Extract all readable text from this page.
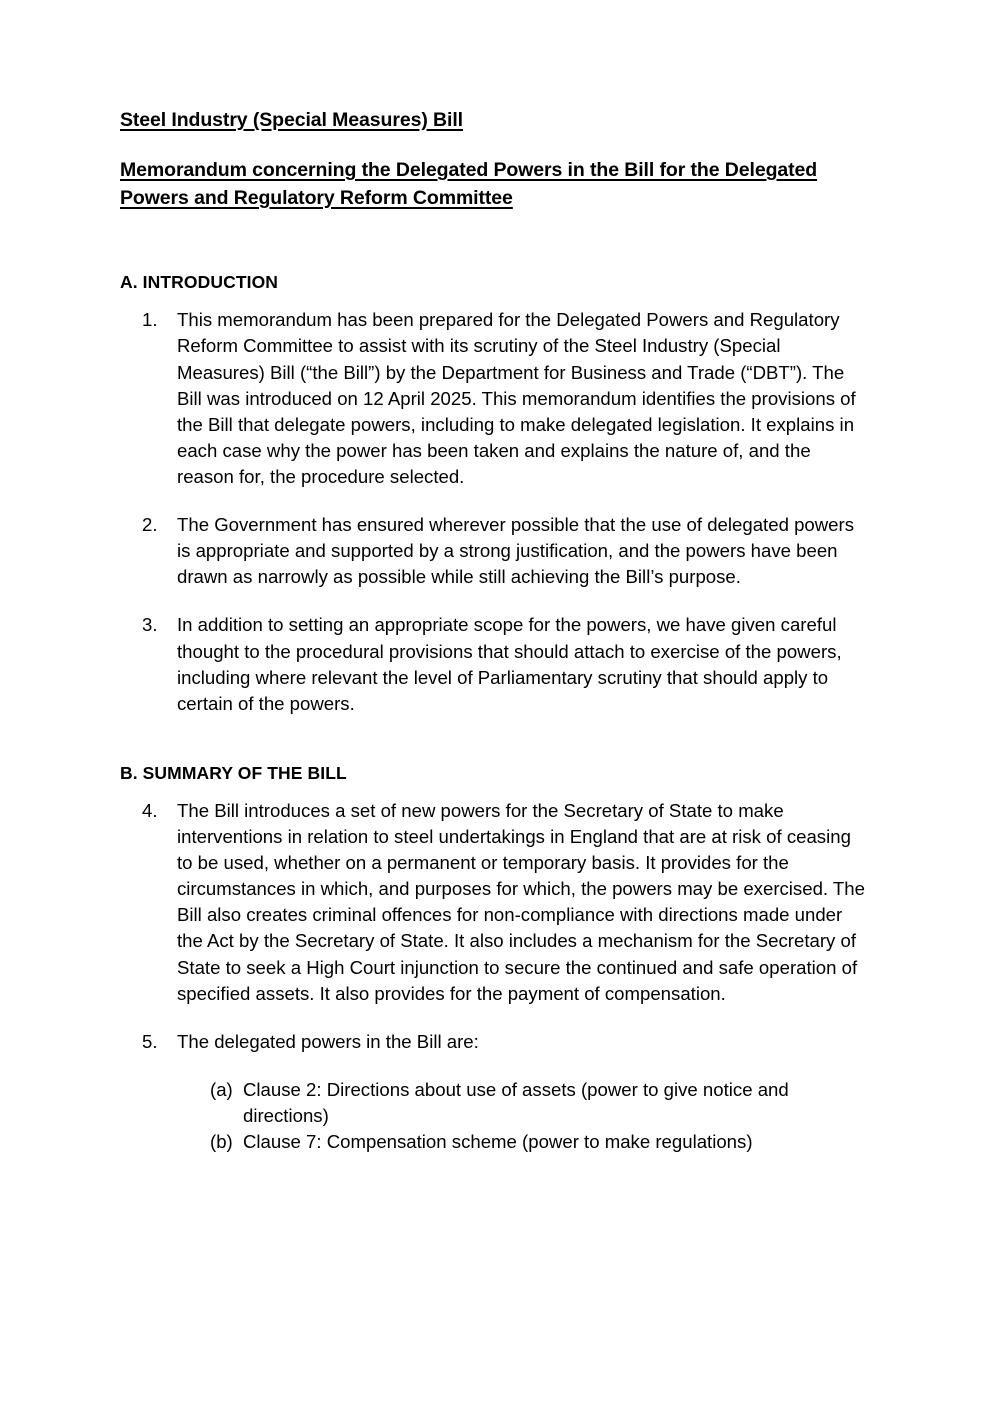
Steel Industry (Special Measures) Bill
Memorandum concerning the Delegated Powers in the Bill for the Delegated Powers and Regulatory Reform Committee
A. INTRODUCTION
1.	This memorandum has been prepared for the Delegated Powers and Regulatory Reform Committee to assist with its scrutiny of the Steel Industry (Special Measures) Bill (“the Bill”) by the Department for Business and Trade (“DBT”). The Bill was introduced on 12 April 2025. This memorandum identifies the provisions of the Bill that delegate powers, including to make delegated legislation. It explains in each case why the power has been taken and explains the nature of, and the reason for, the procedure selected.
2.	The Government has ensured wherever possible that the use of delegated powers is appropriate and supported by a strong justification, and the powers have been drawn as narrowly as possible while still achieving the Bill’s purpose.
3.	In addition to setting an appropriate scope for the powers, we have given careful thought to the procedural provisions that should attach to exercise of the powers, including where relevant the level of Parliamentary scrutiny that should apply to certain of the powers.
B. SUMMARY OF THE BILL
4.	The Bill introduces a set of new powers for the Secretary of State to make interventions in relation to steel undertakings in England that are at risk of ceasing to be used, whether on a permanent or temporary basis. It provides for the circumstances in which, and purposes for which, the powers may be exercised. The Bill also creates criminal offences for non-compliance with directions made under the Act by the Secretary of State. It also includes a mechanism for the Secretary of State to seek a High Court injunction to secure the continued and safe operation of specified assets. It also provides for the payment of compensation.
5.	The delegated powers in the Bill are:
(a) Clause 2: Directions about use of assets (power to give notice and directions)
(b) Clause 7: Compensation scheme (power to make regulations)
